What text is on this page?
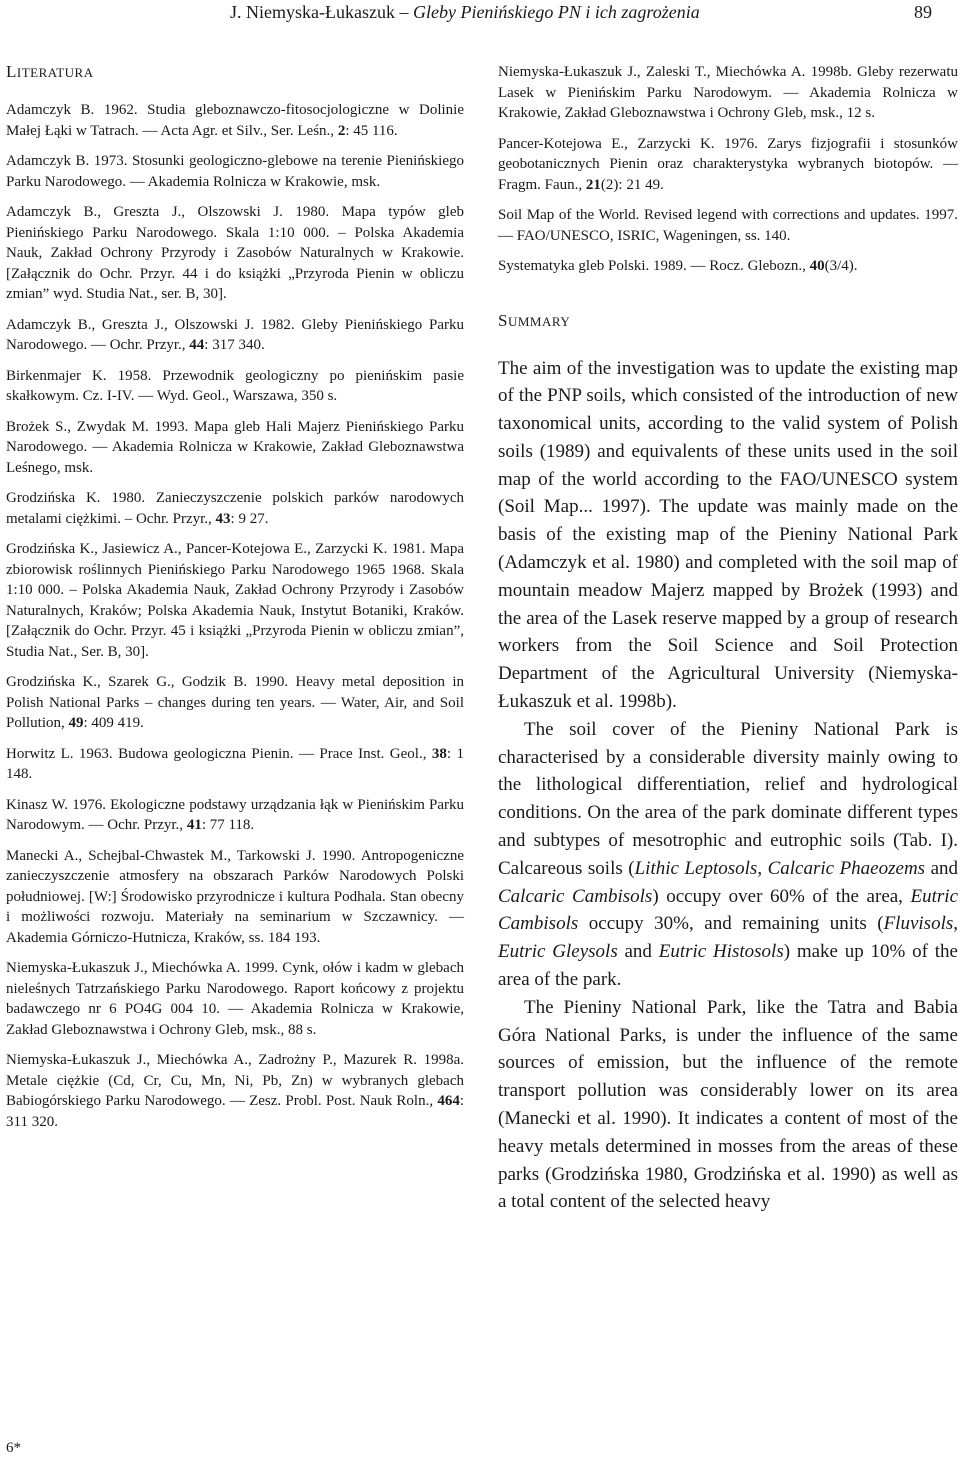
J. Niemyska-Łukaszuk – Gleby Pienińskiego PN i ich zagrożenia	89
LITERATURA

Adamczyk B. 1962. Studia gleboznawczo-fitosocjologiczne w Dolinie Małej Łąki w Tatrach. — Acta Agr. et Silv., Ser. Leśn., 2: 45 116.

Adamczyk B. 1973. Stosunki geologiczno-glebowe na terenie Pienińskiego Parku Narodowego. — Akademia Rolnicza w Krakowie, msk.

Adamczyk B., Greszta J., Olszowski J. 1980. Mapa typów gleb Pienińskiego Parku Narodowego. Skala 1:10 000. – Polska Akademia Nauk, Zakład Ochrony Przyrody i Zasobów Naturalnych w Krakowie. [Załącznik do Ochr. Przyr. 44 i do książki „Przyroda Pienin w obliczu zmian” wyd. Studia Nat., ser. B, 30].

Adamczyk B., Greszta J., Olszowski J. 1982. Gleby Pienińskiego Parku Narodowego. — Ochr. Przyr., 44: 317 340.

Birkenmajer K. 1958. Przewodnik geologiczny po pienińskim pasie skałkowym. Cz. I-IV. — Wyd. Geol., Warszawa, 350 s.

Brożek S., Zwydak M. 1993. Mapa gleb Hali Majerz Pienińskiego Parku Narodowego. — Akademia Rolnicza w Krakowie, Zakład Gleboznawstwa Leśnego, msk.

Grodzińska K. 1980. Zanieczyszczenie polskich parków narodowych metalami ciężkimi. – Ochr. Przyr., 43: 9 27.

Grodzińska K., Jasiewicz A., Pancer-Kotejowa E., Zarzycki K. 1981. Mapa zbiorowisk roślinnych Pienińskiego Parku Narodowego 1965 1968. Skala 1:10 000. – Polska Akademia Nauk, Zakład Ochrony Przyrody i Zasobów Naturalnych, Kraków; Polska Akademia Nauk, Instytut Botaniki, Kraków. [Załącznik do Ochr. Przyr. 45 i książki „Przyroda Pienin w obliczu zmian”, Studia Nat., Ser. B, 30].

Grodzińska K., Szarek G., Godzik B. 1990. Heavy metal deposition in Polish National Parks – changes during ten years. — Water, Air, and Soil Pollution, 49: 409 419.

Horwitz L. 1963. Budowa geologiczna Pienin. — Prace Inst. Geol., 38: 1 148.

Kinasz W. 1976. Ekologiczne podstawy urządzania łąk w Pienińskim Parku Narodowym. — Ochr. Przyr., 41: 77 118.

Manecki A., Schejbal-Chwastek M., Tarkowski J. 1990. Antropogeniczne zanieczyszczenie atmosfery na obszarach Parków Narodowych Polski południowej. [W:] Środowisko przyrodnicze i kultura Podhala. Stan obecny i możliwości rozwoju. Materiały na seminarium w Szczawnicy. — Akademia Górniczo-Hutnicza, Kraków, ss. 184 193.

Niemyska-Łukaszuk J., Miechówka A. 1999. Cynk, ołów i kadm w glebach nieleśnych Tatrzańskiego Parku Narodowego. Raport końcowy z projektu badawczego nr 6 PO4G 004 10. — Akademia Rolnicza w Krakowie, Zakład Gleboznawstwa i Ochrony Gleb, msk., 88 s.

Niemyska-Łukaszuk J., Miechówka A., Zadrożny P., Mazurek R. 1998a. Metale ciężkie (Cd, Cr, Cu, Mn, Ni, Pb, Zn) w wybranych glebach Babiogórskiego Parku Narodowego. — Zesz. Probl. Post. Nauk Roln., 464: 311 320.

Niemyska-Łukaszuk J., Zaleski T., Miechówka A. 1998b. Gleby rezerwatu Lasek w Pienińskim Parku Narodowym. — Akademia Rolnicza w Krakowie, Zakład Gleboznawstwa i Ochrony Gleb, msk., 12 s.

Pancer-Kotejowa E., Zarzycki K. 1976. Zarys fizjografii i stosunków geobotanicznych Pienin oraz charakterystyka wybranych biotopów. — Fragm. Faun., 21(2): 21 49.

Soil Map of the World. Revised legend with corrections and updates. 1997. — FAO/UNESCO, ISRIC, Wageningen, ss. 140.

Systematyka gleb Polski. 1989. — Rocz. Glebozn., 40(3/4).

SUMMARY

The aim of the investigation was to update the existing map of the PNP soils, which consisted of the introduction of new taxonomical units, according to the valid system of Polish soils (1989) and equivalents of these units used in the soil map of the world according to the FAO/UNESCO system (Soil Map... 1997). The update was mainly made on the basis of the existing map of the Pieniny National Park (Adamczyk et al. 1980) and completed with the soil map of mountain meadow Majerz mapped by Brożek (1993) and the area of the Lasek reserve mapped by a group of research workers from the Soil Science and Soil Protection Department of the Agricultural University (Niemyska-Łukaszuk et al. 1998b).

The soil cover of the Pieniny National Park is characterised by a considerable diversity mainly owing to the lithological differentiation, relief and hydrological conditions. On the area of the park dominate different types and subtypes of mesotrophic and eutrophic soils (Tab. I). Calcareous soils (Lithic Leptosols, Calcaric Phaeozems and Calcaric Cambisols) occupy over 60% of the area, Eutric Cambisols occupy 30%, and remaining units (Fluvisols, Eutric Gleysols and Eutric Histosols) make up 10% of the area of the park.

The Pieniny National Park, like the Tatra and Babia Góra National Parks, is under the influence of the same sources of emission, but the influence of the remote transport pollution was considerably lower on its area (Manecki et al. 1990). It indicates a content of most of the heavy metals determined in mosses from the areas of these parks (Grodzińska 1980, Grodzińska et al. 1990) as well as a total content of the selected heavy

6*
